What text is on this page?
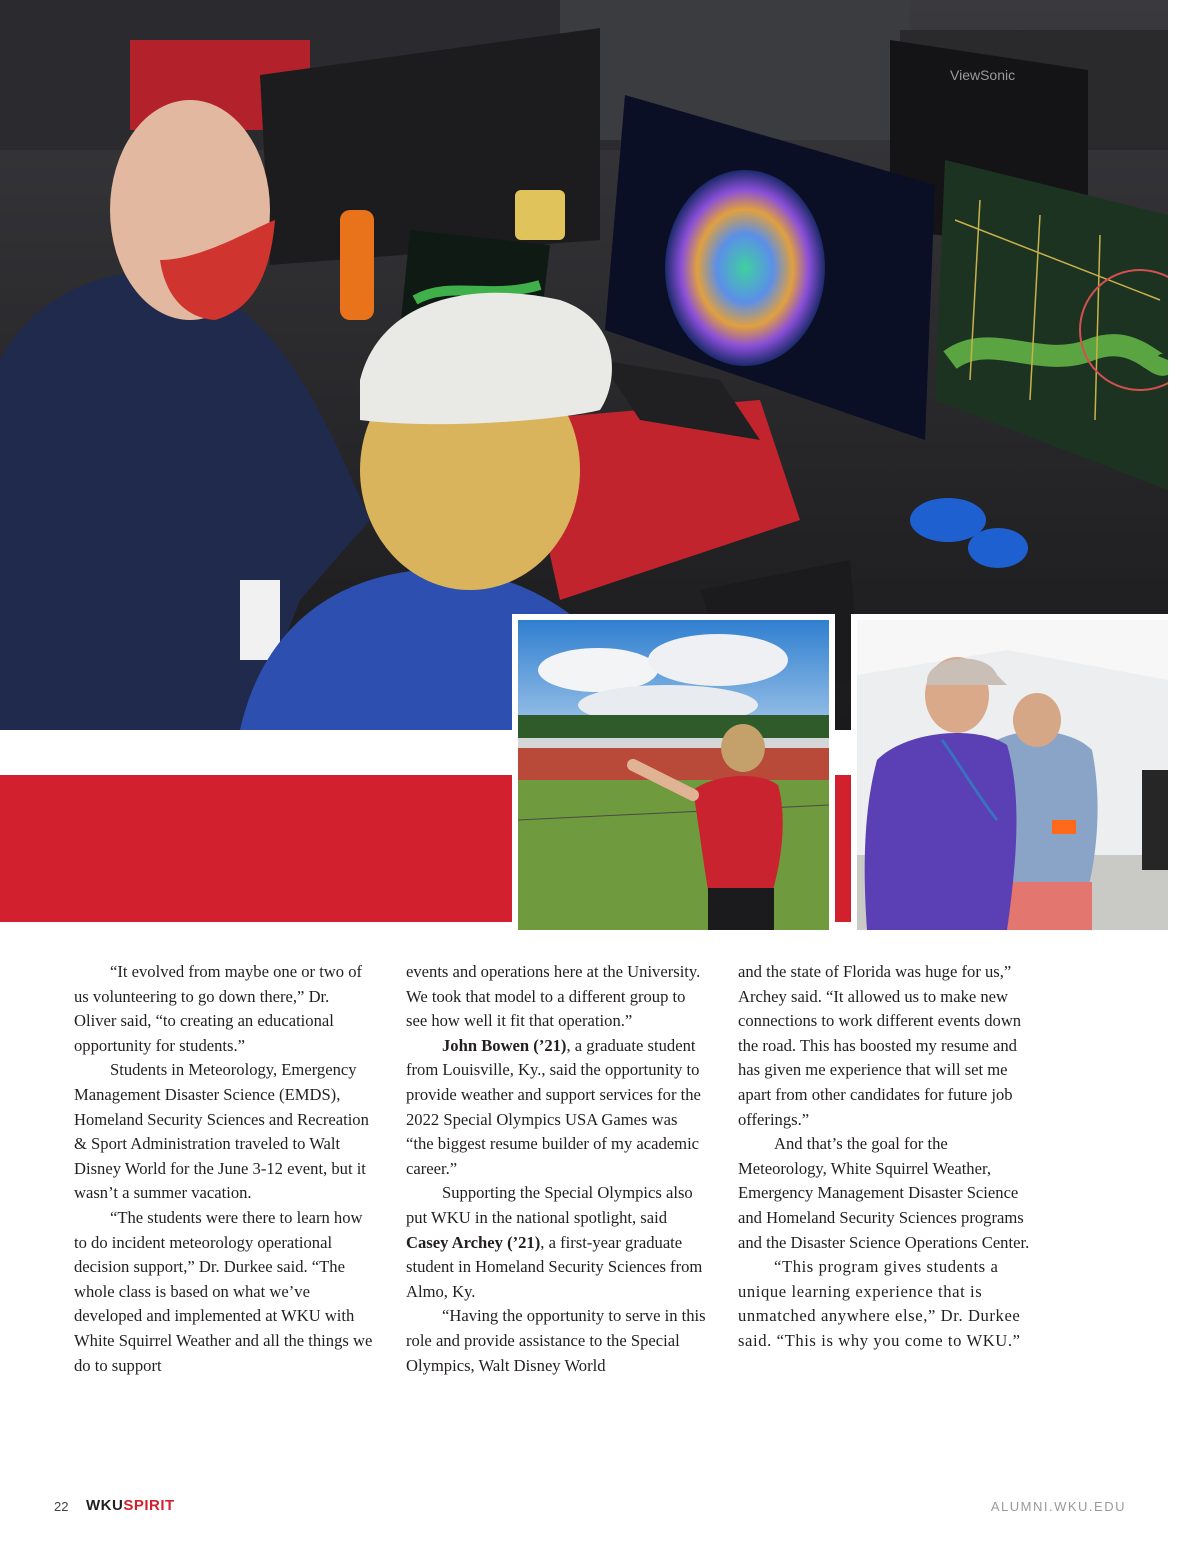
ViewSonic

“It evolved from maybe one or two of us volunteering to go down there,” Dr. Oliver said, “to creating an educational opportunity for students.”

Students in Meteorology, Emergency Management Disaster Science (EMDS), Homeland Security Sciences and Recreation & Sport Administration traveled to Walt Disney World for the June 3-12 event, but it wasn’t a summer vacation.

“The students were there to learn how to do incident meteorology operational decision support,” Dr. Durkee said. “The whole class is based on what we’ve developed and implemented at WKU with White Squirrel Weather and all the things we do to support

events and operations here at the University. We took that model to a different group to see how well it fit that operation.”

John Bowen (’21), a graduate student from Louisville, Ky., said the opportunity to provide weather and support services for the 2022 Special Olympics USA Games was “the biggest resume builder of my academic career.”

Supporting the Special Olympics also put WKU in the national spotlight, said Casey Archey (’21), a first-year graduate student in Homeland Security Sciences from Almo, Ky.

“Having the opportunity to serve in this role and provide assistance to the Special Olympics, Walt Disney World

and the state of Florida was huge for us,” Archey said. “It allowed us to make new connections to work different events down the road. This has boosted my resume and has given me experience that will set me apart from other candidates for future job offerings.”

And that’s the goal for the Meteorology, White Squirrel Weather, Emergency Management Disaster Science and Homeland Security Sciences programs and the Disaster Science Operations Center.

“This program gives students a unique learning experience that is unmatched anywhere else,” Dr. Durkee said. “This is why you come to WKU.”

22 WKUSPIRIT	ALUMNI.WKU.EDU
